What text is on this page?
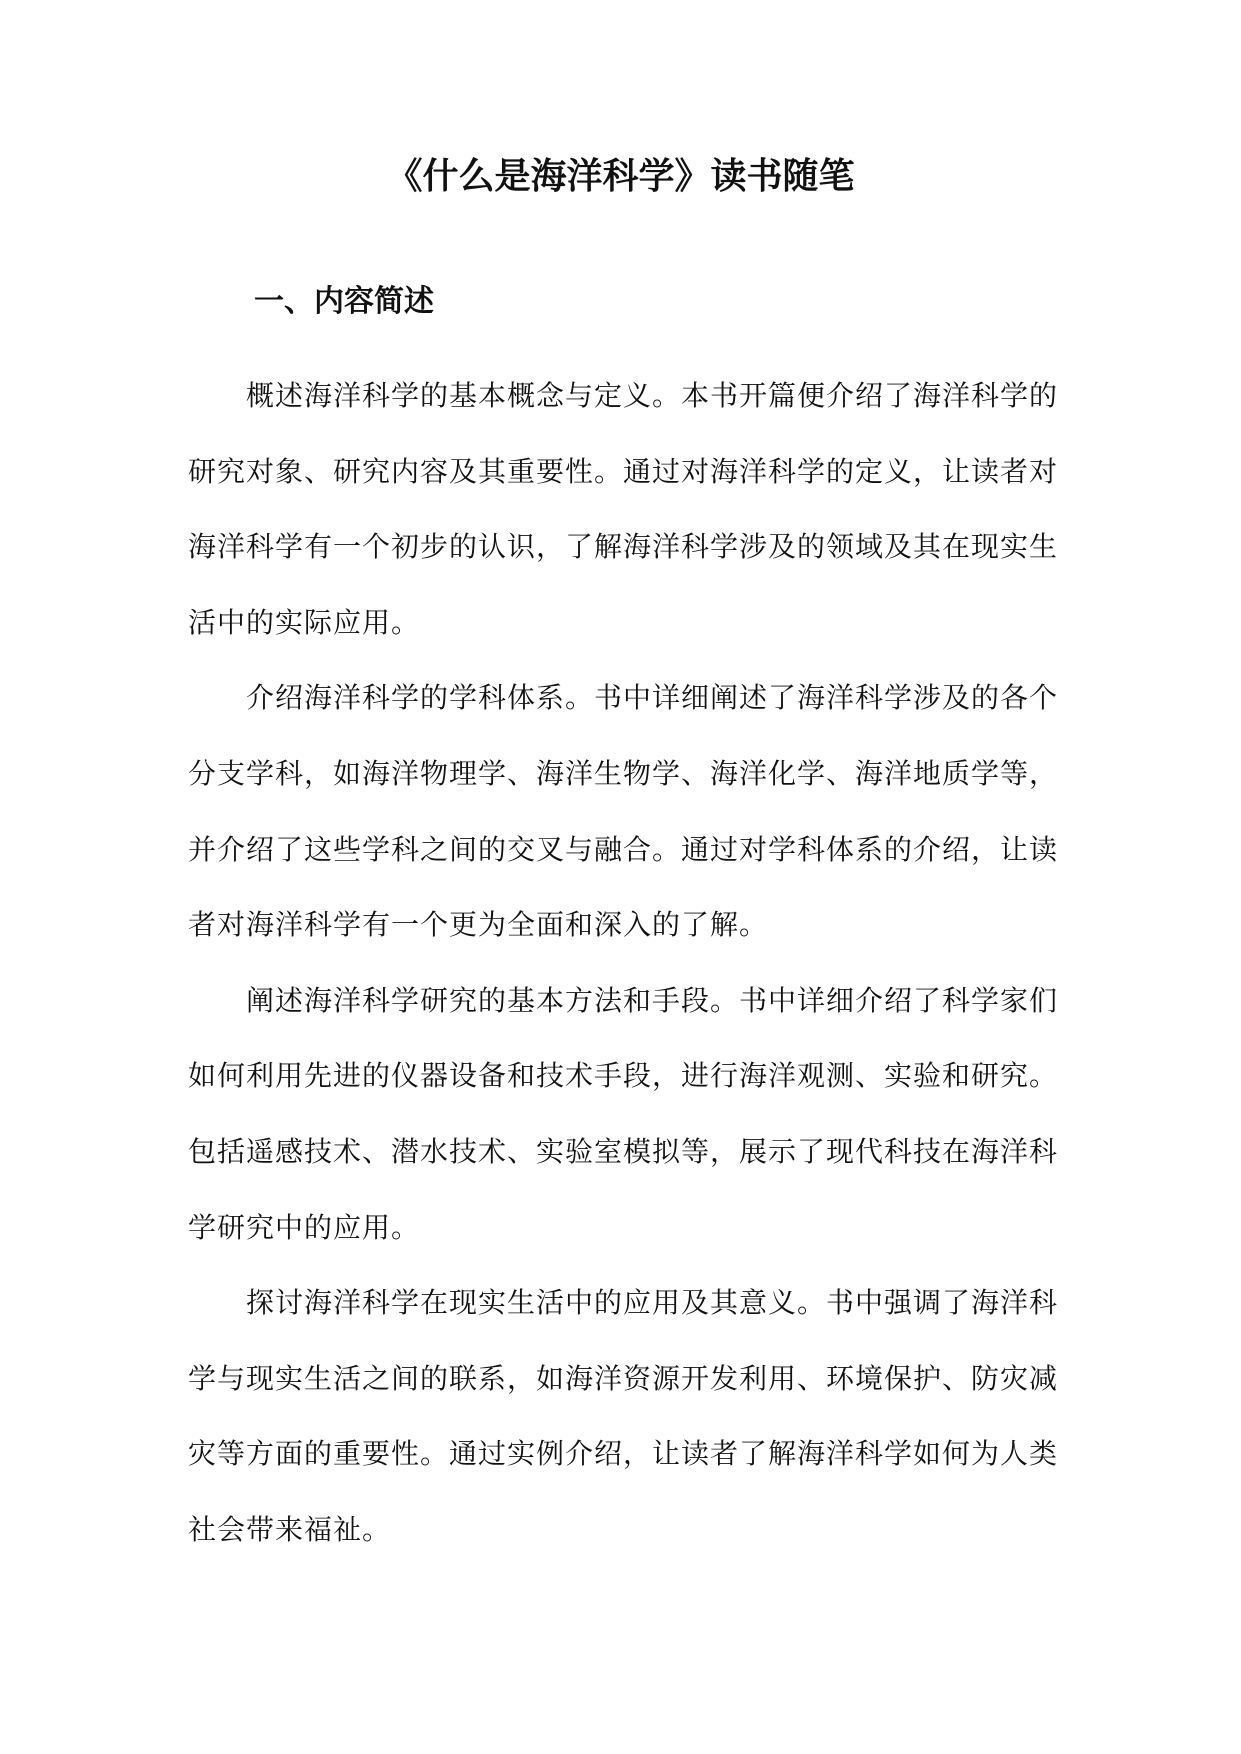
《什么是海洋科学》读书随笔
一、内容简述

概述海洋科学的基本概念与定义。本书开篇便介绍了海洋科学的研究对象、研究内容及其重要性。通过对海洋科学的定义，让读者对海洋科学有一个初步的认识，了解海洋科学涉及的领域及其在现实生活中的实际应用。

介绍海洋科学的学科体系。书中详细阐述了海洋科学涉及的各个分支学科，如海洋物理学、海洋生物学、海洋化学、海洋地质学等，并介绍了这些学科之间的交叉与融合。通过对学科体系的介绍，让读者对海洋科学有一个更为全面和深入的了解。

阐述海洋科学研究的基本方法和手段。书中详细介绍了科学家们如何利用先进的仪器设备和技术手段，进行海洋观测、实验和研究。包括遥感技术、潜水技术、实验室模拟等，展示了现代科技在海洋科学研究中的应用。

探讨海洋科学在现实生活中的应用及其意义。书中强调了海洋科学与现实生活之间的联系，如海洋资源开发利用、环境保护、防灾减灾等方面的重要性。通过实例介绍，让读者了解海洋科学如何为人类社会带来福祉。
